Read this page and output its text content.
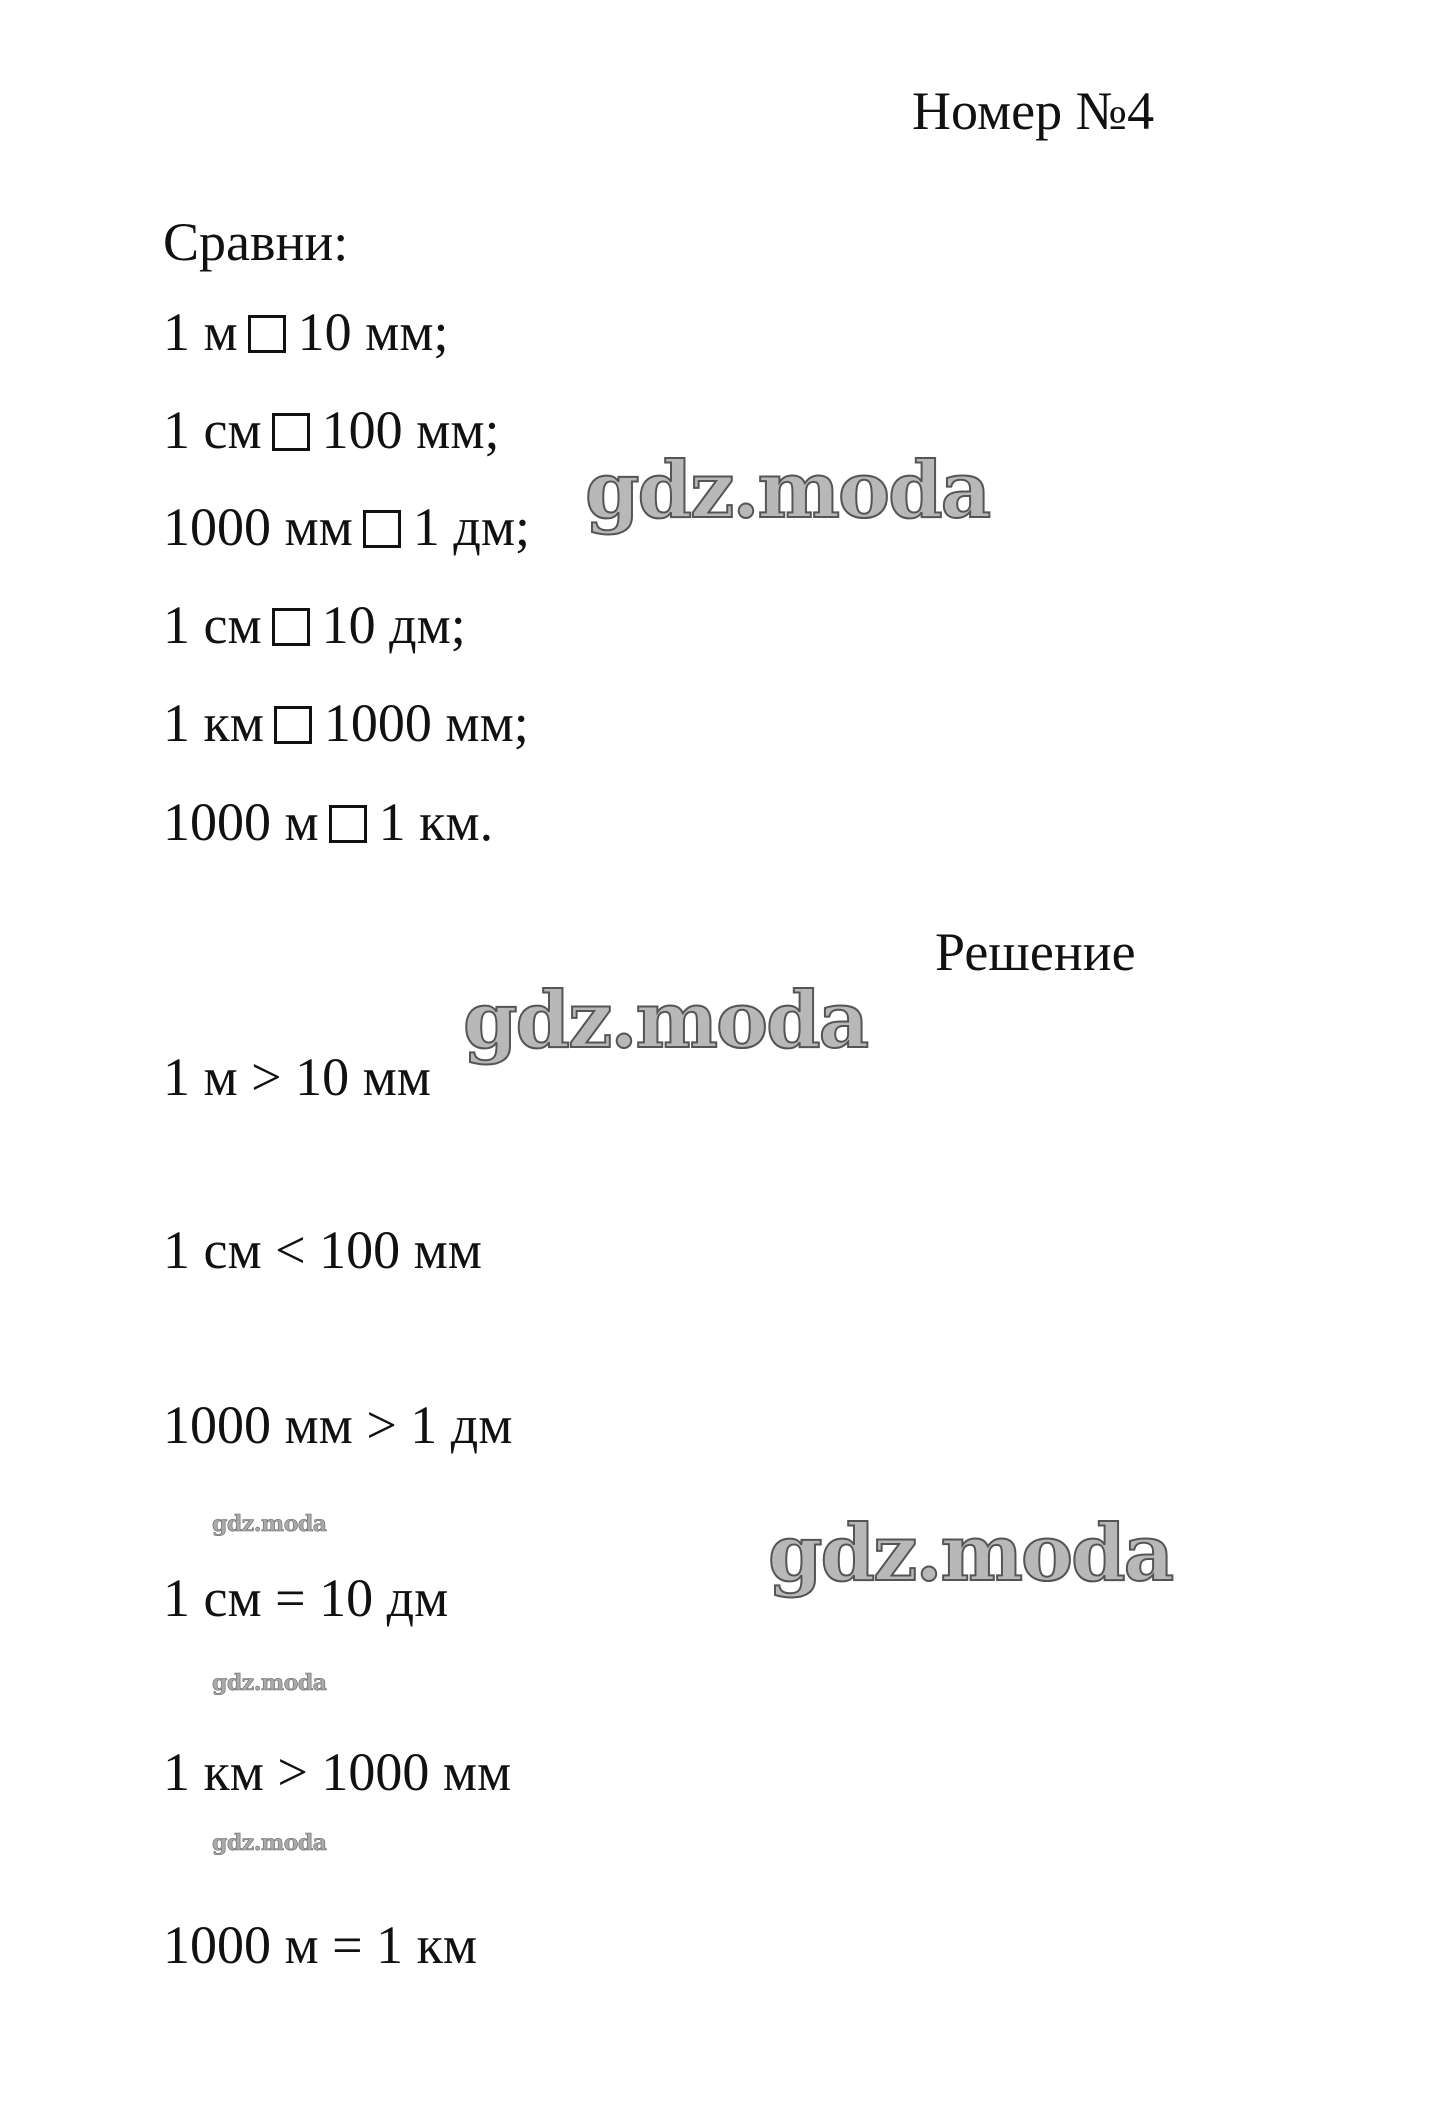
Номер №4
Сравни:
1 м 10 мм;
1 см 100 мм;
1000 мм 1 дм;
1 см 10 дм;
1 км 1000 мм;
1000 м 1 км.
Решение
1 м > 10 мм
1 см < 100 мм
1000 мм > 1 дм
1 см = 10 дм
1 км > 1000 мм
1000 м = 1 км
gdz.moda
gdz.moda
gdz.moda
gdz.moda
gdz.moda
gdz.moda
